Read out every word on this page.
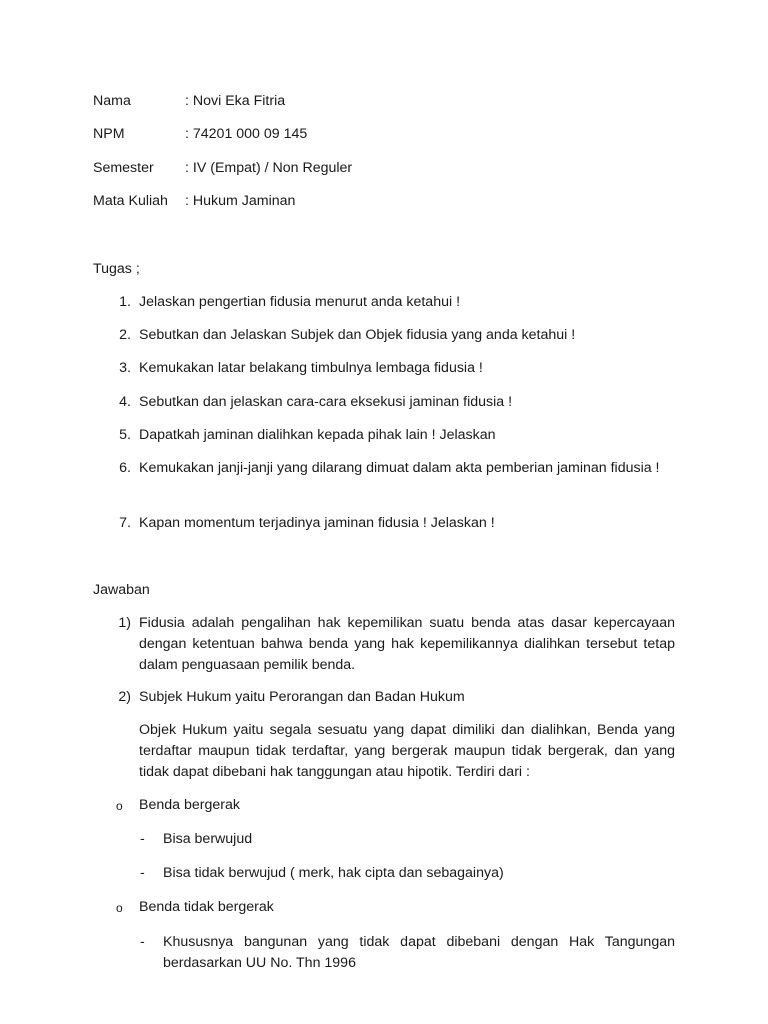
Nama	: Novi Eka Fitria
NPM	: 74201 000 09 145
Semester : IV (Empat) / Non Reguler
Mata Kuliah : Hukum Jaminan
Tugas ;
1. Jelaskan pengertian fidusia menurut anda ketahui !
2. Sebutkan dan Jelaskan Subjek dan Objek fidusia yang anda ketahui !
3. Kemukakan latar belakang timbulnya lembaga fidusia !
4. Sebutkan dan jelaskan cara-cara eksekusi jaminan fidusia !
5. Dapatkah jaminan dialihkan kepada pihak lain ! Jelaskan
6. Kemukakan janji-janji yang dilarang dimuat dalam akta pemberian jaminan fidusia !
7. Kapan momentum terjadinya jaminan fidusia ! Jelaskan !
Jawaban
1) Fidusia adalah pengalihan hak kepemilikan suatu benda atas dasar kepercayaan dengan ketentuan bahwa benda yang hak kepemilikannya dialihkan tersebut tetap dalam penguasaan pemilik benda.
2) Subjek Hukum yaitu Perorangan dan Badan Hukum
Objek Hukum yaitu segala sesuatu yang dapat dimiliki dan dialihkan, Benda yang terdaftar maupun tidak terdaftar, yang bergerak maupun tidak bergerak, dan yang tidak dapat dibebani hak tanggungan atau hipotik. Terdiri dari :
o Benda bergerak
- Bisa berwujud
- Bisa tidak berwujud ( merk, hak cipta dan sebagainya)
o Benda tidak bergerak
- Khususnya bangunan yang tidak dapat dibebani dengan Hak Tangungan berdasarkan UU No. Thn 1996
